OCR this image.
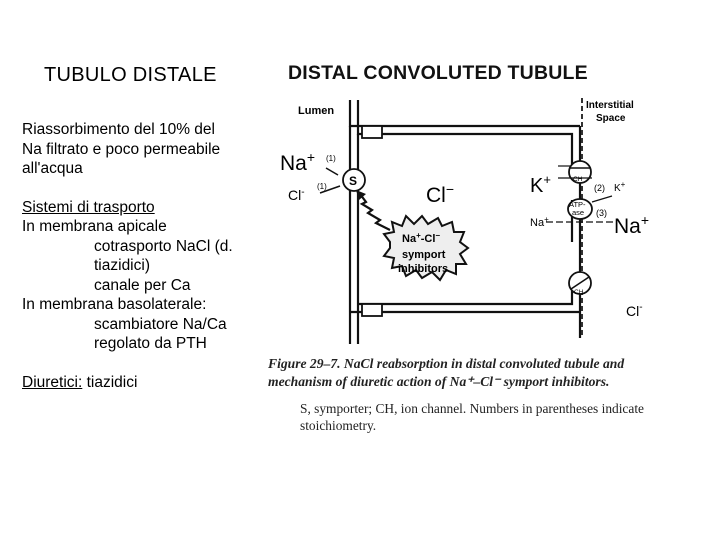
TUBULO DISTALE
Riassorbimento del 10% del
Na filtrato e poco permeabile
all'acqua
Sistemi di trasporto
In membrana apicale
cotrasporto NaCl (d.
tiazidici)
canale per Ca
In membrana basolaterale:
scambiatore Na/Ca
regolato da PTH
Diuretici: tiazidici
DISTAL CONVOLUTED TUBULE
Lumen	Interstitial
Space
Na+ (1)
Cl-
(1) S
Cl−	K+
Na+
Na+-Cl−
symport
inhibitors
CH
ATP-
ase
(2) K+
(3)
Na+
CH
Cl-
Figure 29–7. NaCl reabsorption in distal convoluted tubule and mechanism of diuretic action of Na⁺–Cl⁻ symport inhibitors.
S, symporter; CH, ion channel. Numbers in parentheses indicate stoichiometry.
